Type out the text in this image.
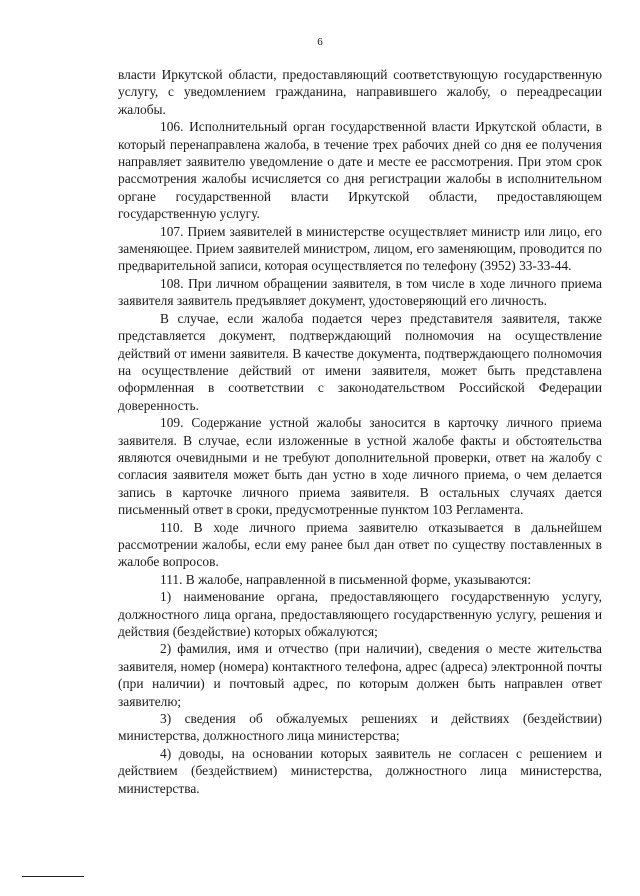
6

власти Иркутской области, предоставляющий соответствующую государственную услугу, с уведомлением гражданина, направившего жалобу, о переадресации жалобы.

106. Исполнительный орган государственной власти Иркутской области, в который перенаправлена жалоба, в течение трех рабочих дней со дня ее получения направляет заявителю уведомление о дате и месте ее рассмотрения. При этом срок рассмотрения жалобы исчисляется со дня регистрации жалобы в исполнительном органе государственной власти Иркутской области, предоставляющем государственную услугу.

107. Прием заявителей в министерстве осуществляет министр или лицо, его заменяющее. Прием заявителей министром, лицом, его заменяющим, проводится по предварительной записи, которая осуществляется по телефону (3952) 33-33-44.

108. При личном обращении заявителя, в том числе в ходе личного приема заявителя заявитель предъявляет документ, удостоверяющий его личность.

В случае, если жалоба подается через представителя заявителя, также представляется документ, подтверждающий полномочия на осуществление действий от имени заявителя. В качестве документа, подтверждающего полномочия на осуществление действий от имени заявителя, может быть представлена оформленная в соответствии с законодательством Российской Федерации доверенность.

109. Содержание устной жалобы заносится в карточку личного приема заявителя. В случае, если изложенные в устной жалобе факты и обстоятельства являются очевидными и не требуют дополнительной проверки, ответ на жалобу с согласия заявителя может быть дан устно в ходе личного приема, о чем делается запись в карточке личного приема заявителя. В остальных случаях дается письменный ответ в сроки, предусмотренные пунктом 103 Регламента.

110. В ходе личного приема заявителю отказывается в дальнейшем рассмотрении жалобы, если ему ранее был дан ответ по существу поставленных в жалобе вопросов.

111. В жалобе, направленной в письменной форме, указываются:

1) наименование органа, предоставляющего государственную услугу, должностного лица органа, предоставляющего государственную услугу, решения и действия (бездействие) которых обжалуются;

2) фамилия, имя и отчество (при наличии), сведения о месте жительства заявителя, номер (номера) контактного телефона, адрес (адреса) электронной почты (при наличии) и почтовый адрес, по которым должен быть направлен ответ заявителю;

3) сведения об обжалуемых решениях и действиях (бездействии) министерства, должностного лица министерства;

4) доводы, на основании которых заявитель не согласен с решением и действием (бездействием) министерства, должностного лица министерства, министерства.
